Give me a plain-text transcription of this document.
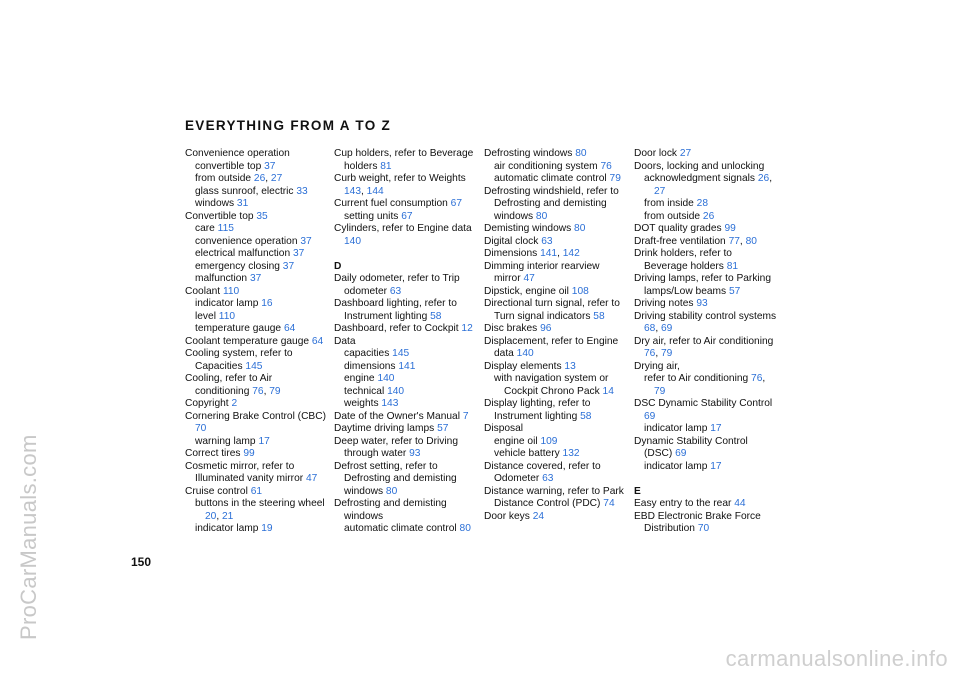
ProCarManuals.com
EVERYTHING FROM A TO Z
Convenience operation
convertible top 37
from outside 26, 27
glass sunroof, electric 33
windows 31
Convertible top 35
care 115
convenience operation 37
electrical malfunction 37
emergency closing 37
malfunction 37
Coolant 110
indicator lamp 16
level 110
temperature gauge 64
Coolant temperature gauge 64
Cooling system, refer to Capacities 145
Cooling, refer to Air conditioning 76, 79
Copyright 2
Cornering Brake Control (CBC) 70
warning lamp 17
Correct tires 99
Cosmetic mirror, refer to Illuminated vanity mirror 47
Cruise control 61
buttons in the steering wheel 20, 21
indicator lamp 19
Cup holders, refer to Beverage holders 81
Curb weight, refer to Weights 143, 144
Current fuel consumption 67
setting units 67
Cylinders, refer to Engine data 140
D
Daily odometer, refer to Trip odometer 63
Dashboard lighting, refer to Instrument lighting 58
Dashboard, refer to Cockpit 12
Data
capacities 145
dimensions 141
engine 140
technical 140
weights 143
Date of the Owner's Manual 7
Daytime driving lamps 57
Deep water, refer to Driving through water 93
Defrost setting, refer to Defrosting and demisting windows 80
Defrosting and demisting windows
automatic climate control 80
Defrosting windows 80
air conditioning system 76
automatic climate control 79
Defrosting windshield, refer to Defrosting and demisting windows 80
Demisting windows 80
Digital clock 63
Dimensions 141, 142
Dimming interior rearview mirror 47
Dipstick, engine oil 108
Directional turn signal, refer to Turn signal indicators 58
Disc brakes 96
Displacement, refer to Engine data 140
Display elements 13
with navigation system or Cockpit Chrono Pack 14
Display lighting, refer to Instrument lighting 58
Disposal
engine oil 109
vehicle battery 132
Distance covered, refer to Odometer 63
Distance warning, refer to Park Distance Control (PDC) 74
Door keys 24
Door lock 27
Doors, locking and unlocking
acknowledgment signals 26, 27
from inside 28
from outside 26
DOT quality grades 99
Draft-free ventilation 77, 80
Drink holders, refer to Beverage holders 81
Driving lamps, refer to Parking lamps/Low beams 57
Driving notes 93
Driving stability control systems 68, 69
Dry air, refer to Air conditioning 76, 79
Drying air,
refer to Air conditioning 76, 79
DSC Dynamic Stability Control 69
indicator lamp 17
Dynamic Stability Control (DSC) 69
indicator lamp 17
E
Easy entry to the rear 44
EBD Electronic Brake Force Distribution 70
150
carmanualsonline.info
